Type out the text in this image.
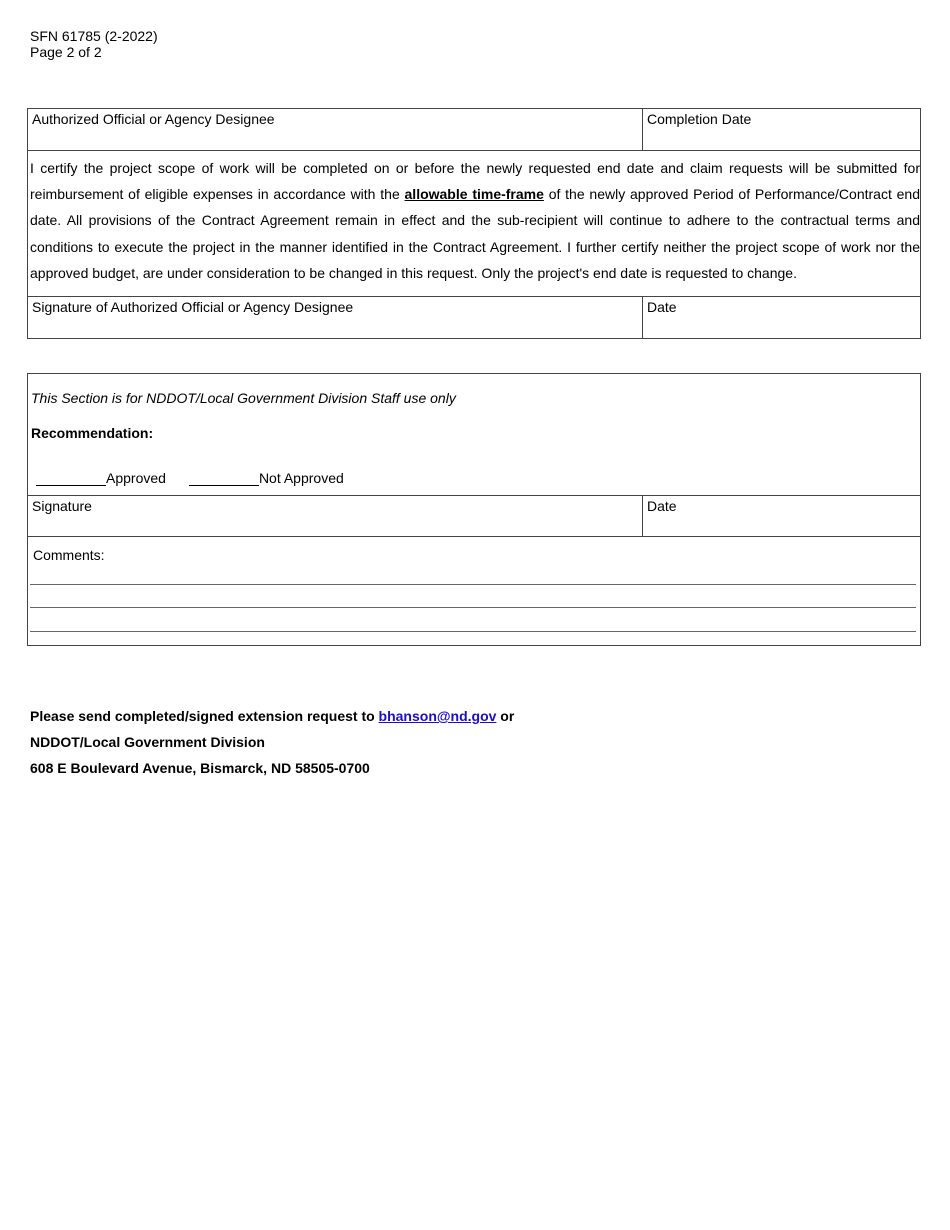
SFN 61785 (2-2022)
Page 2 of 2
Authorized Official or Agency Designee	Completion Date
I certify the project scope of work will be completed on or before the newly requested end date and claim requests will be submitted for reimbursement of eligible expenses in accordance with the allowable time-frame of the newly approved Period of Performance/Contract end date. All provisions of the Contract Agreement remain in effect and the sub-recipient will continue to adhere to the contractual terms and conditions to execute the project in the manner identified in the Contract Agreement. I further certify neither the project scope of work nor the approved budget, are under consideration to be changed in this request. Only the project's end date is requested to change.
Signature of Authorized Official or Agency Designee	Date
This Section is for NDDOT/Local Government Division Staff use only
Recommendation:
Approved	Not Approved
Signature	Date
Comments:
Please send completed/signed extension request to bhanson@nd.gov or
NDDOT/Local Government Division
608 E Boulevard Avenue, Bismarck, ND 58505-0700
